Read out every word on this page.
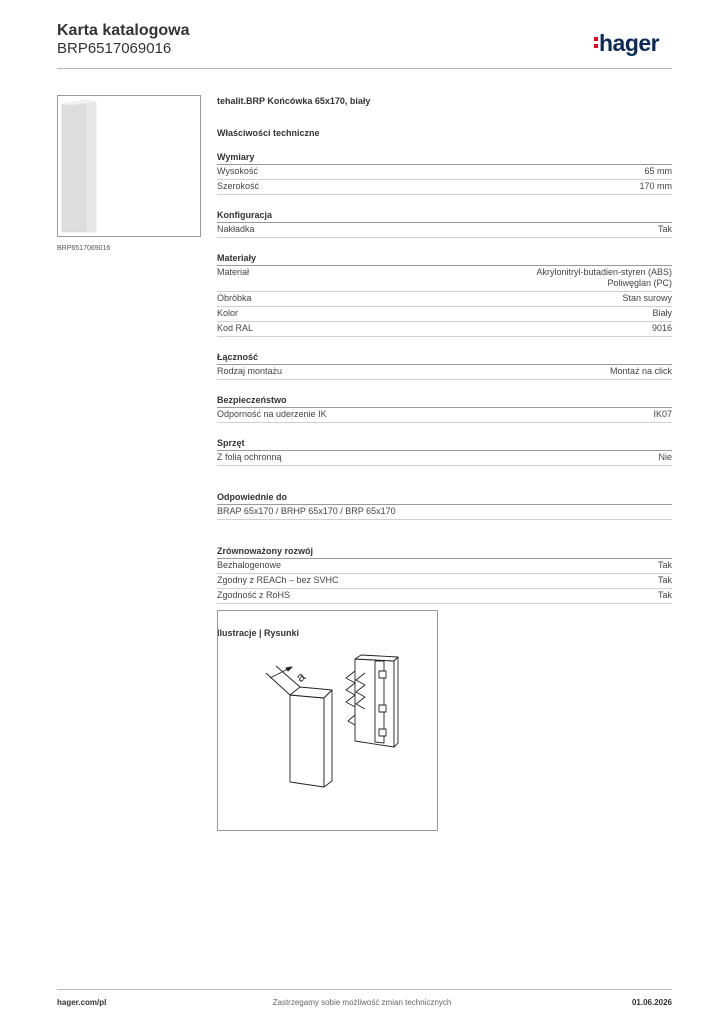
Karta katalogowa
BRP6517069016	hager
BRP6517069016
tehalit.BRP Końcówka 65x170, biały
Właściwości techniczne
Wymiary
Wysokość	65 mm
Szerokość	170 mm
Konfiguracja
Nakładka	Tak
Materiały
Materiał	Akrylonitryl-butadien-styren (ABS)
Poliwęglan (PC)
Obróbka	Stan surowy
Kolor	Biały
Kod RAL	9016
Łączność
Rodzaj montażu	Montaż na click
Bezpieczeństwo
Odporność na uderzenie IK	IK07
Sprzęt
Z folią ochronną	Nie
Odpowiednie do
BRAP 65x170 / BRHP 65x170 / BRP 65x170
Zrównoważony rozwój
Bezhalogenowe	Tak
Zgodny z REACh – bez SVHC	Tak
Zgodność z RoHS	Tak
Ilustracje | Rysunki
a
hager.com/pl	Zastrzegamy sobie możliwość zmian technicznych	01.06.2026
